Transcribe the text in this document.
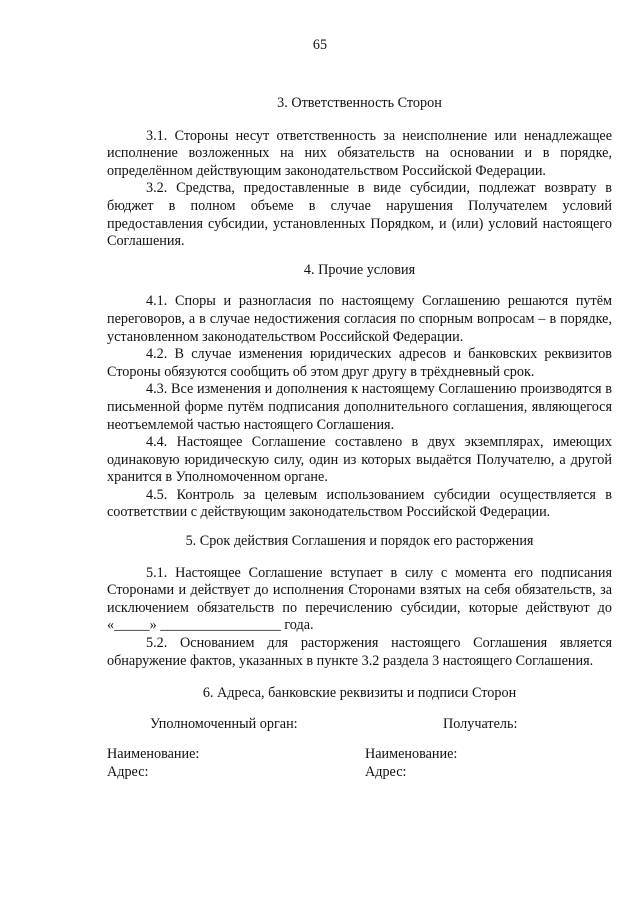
65

3. Ответственность Сторон

3.1. Стороны несут ответственность за неисполнение или ненадлежащее исполнение возложенных на них обязательств на основании и в порядке, определённом действующим законодательством Российской Федерации.

3.2. Средства, предоставленные в виде субсидии, подлежат возврату в бюджет в полном объеме в случае нарушения Получателем условий предоставления субсидии, установленных Порядком, и (или) условий настоящего Соглашения.

4. Прочие условия

4.1. Споры и разногласия по настоящему Соглашению решаются путём переговоров, а в случае недостижения согласия по спорным вопросам – в порядке, установленном законодательством Российской Федерации.

4.2. В случае изменения юридических адресов и банковских реквизитов Стороны обязуются сообщить об этом друг другу в трёхдневный срок.

4.3. Все изменения и дополнения к настоящему Соглашению производятся в письменной форме путём подписания дополнительного соглашения, являющегося неотъемлемой частью настоящего Соглашения.

4.4. Настоящее Соглашение составлено в двух экземплярах, имеющих одинаковую юридическую силу, один из которых выдаётся Получателю, а другой хранится в Уполномоченном органе.

4.5. Контроль за целевым использованием субсидии осуществляется в соответствии с действующим законодательством Российской Федерации.

5. Срок действия Соглашения и порядок его расторжения

5.1. Настоящее Соглашение вступает в силу с момента его подписания Сторонами и действует до исполнения Сторонами взятых на себя обязательств, за исключением обязательств по перечислению субсидии, которые действуют до «_____» _________________ года.

5.2. Основанием для расторжения настоящего Соглашения является обнаружение фактов, указанных в пункте 3.2 раздела 3 настоящего Соглашения.

6. Адреса, банковские реквизиты и подписи Сторон

Уполномоченный орган:
Наименование:
Адрес:
Получатель:
Наименование:
Адрес:
